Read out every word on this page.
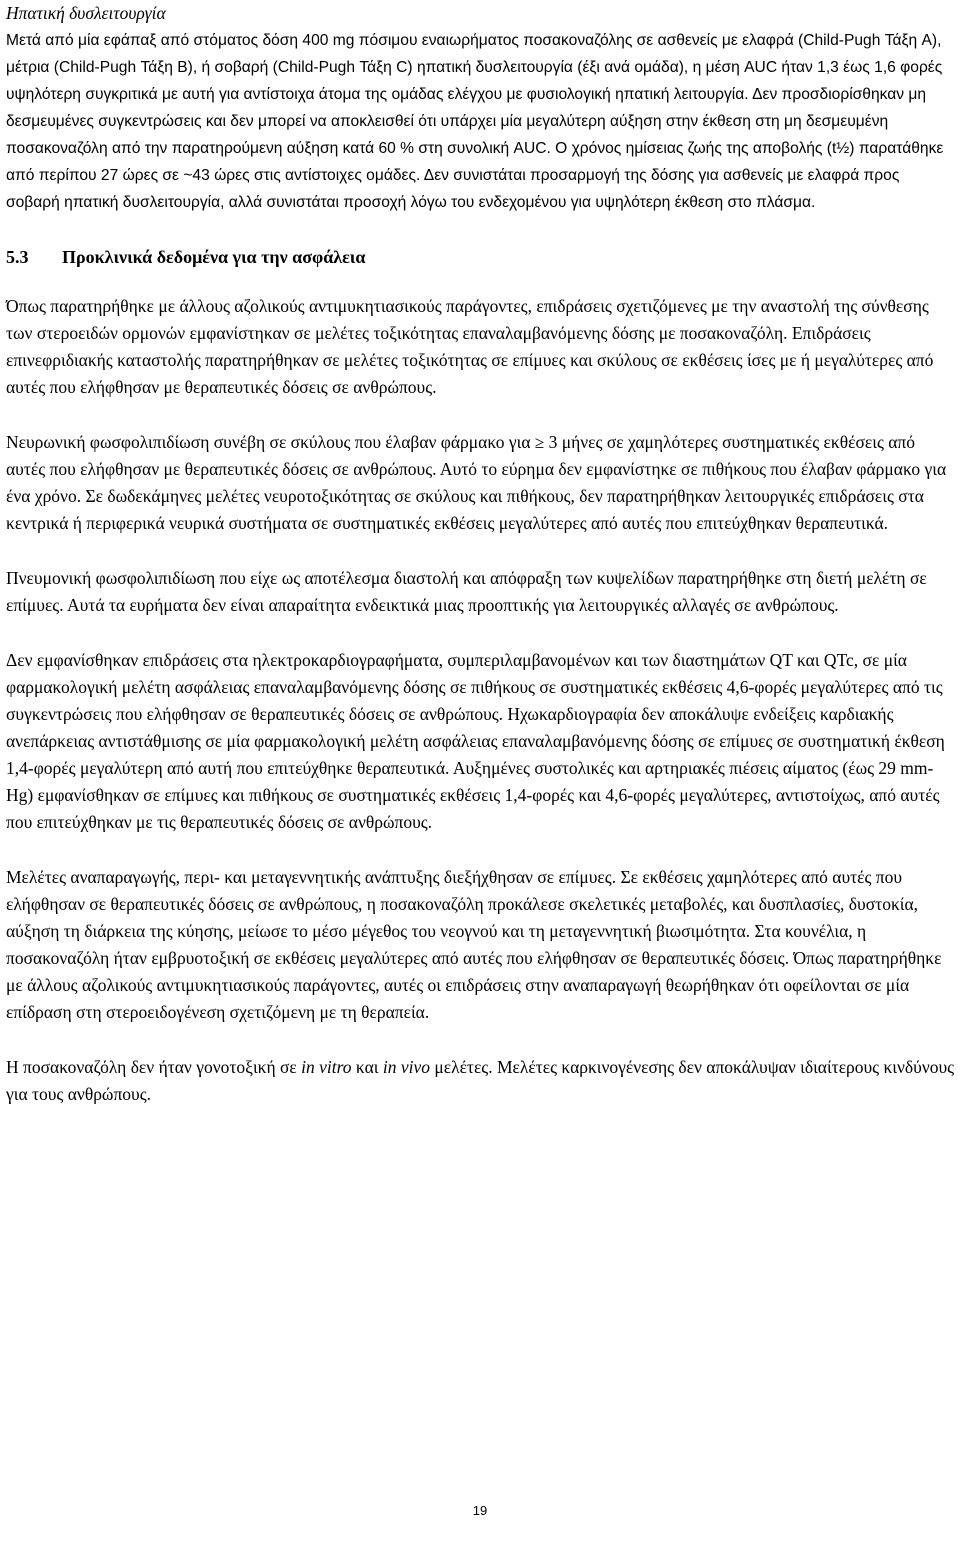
Ηπατική δυσλειτουργία

Μετά από μία εφάπαξ από στόματος δόση 400 mg πόσιμου εναιωρήματος ποσακοναζόλης σε ασθενείς με ελαφρά (Child-Pugh Τάξη A), μέτρια (Child-Pugh Τάξη B), ή σοβαρή (Child-Pugh Τάξη C) ηπατική δυσλειτουργία (έξι ανά ομάδα), η μέση AUC ήταν 1,3 έως 1,6 φορές υψηλότερη συγκριτικά με αυτή για αντίστοιχα άτομα της ομάδας ελέγχου με φυσιολογική ηπατική λειτουργία. Δεν προσδιορίσθηκαν μη δεσμευμένες συγκεντρώσεις και δεν μπορεί να αποκλεισθεί ότι υπάρχει μία μεγαλύτερη αύξηση στην έκθεση στη μη δεσμευμένη ποσακοναζόλη από την παρατηρούμενη αύξηση κατά 60 % στη συνολική AUC. Ο χρόνος ημίσειας ζωής της αποβολής (t½) παρατάθηκε από περίπου 27 ώρες σε ~43 ώρες στις αντίστοιχες ομάδες. Δεν συνιστάται προσαρμογή της δόσης για ασθενείς με ελαφρά προς σοβαρή ηπατική δυσλειτουργία, αλλά συνιστάται προσοχή λόγω του ενδεχομένου για υψηλότερη έκθεση στο πλάσμα.

5.3 Προκλινικά δεδομένα για την ασφάλεια

Όπως παρατηρήθηκε με άλλους αζολικούς αντιμυκητιασικούς παράγοντες, επιδράσεις σχετιζόμενες με την αναστολή της σύνθεσης των στεροειδών ορμονών εμφανίστηκαν σε μελέτες τοξικότητας επαναλαμβανόμενης δόσης με ποσακοναζόλη. Επιδράσεις επινεφριδιακής καταστολής παρατηρήθηκαν σε μελέτες τοξικότητας σε επίμυες και σκύλους σε εκθέσεις ίσες με ή μεγαλύτερες από αυτές που ελήφθησαν με θεραπευτικές δόσεις σε ανθρώπους.

Νευρωνική φωσφολιπιδίωση συνέβη σε σκύλους που έλαβαν φάρμακο για ≥ 3 μήνες σε χαμηλότερες συστηματικές εκθέσεις από αυτές που ελήφθησαν με θεραπευτικές δόσεις σε ανθρώπους. Αυτό το εύρημα δεν εμφανίστηκε σε πιθήκους που έλαβαν φάρμακο για ένα χρόνο. Σε δωδεκάμηνες μελέτες νευροτοξικότητας σε σκύλους και πιθήκους, δεν παρατηρήθηκαν λειτουργικές επιδράσεις στα κεντρικά ή περιφερικά νευρικά συστήματα σε συστηματικές εκθέσεις μεγαλύτερες από αυτές που επιτεύχθηκαν θεραπευτικά.

Πνευμονική φωσφολιπιδίωση που είχε ως αποτέλεσμα διαστολή και απόφραξη των κυψελίδων παρατηρήθηκε στη διετή μελέτη σε επίμυες. Αυτά τα ευρήματα δεν είναι απαραίτητα ενδεικτικά μιας προοπτικής για λειτουργικές αλλαγές σε ανθρώπους.

Δεν εμφανίσθηκαν επιδράσεις στα ηλεκτροκαρδιογραφήματα, συμπεριλαμβανομένων και των διαστημάτων QT και QTc, σε μία φαρμακολογική μελέτη ασφάλειας επαναλαμβανόμενης δόσης σε πιθήκους σε συστηματικές εκθέσεις 4,6-φορές μεγαλύτερες από τις συγκεντρώσεις που ελήφθησαν σε θεραπευτικές δόσεις σε ανθρώπους. Ηχωκαρδιογραφία δεν αποκάλυψε ενδείξεις καρδιακής ανεπάρκειας αντιστάθμισης σε μία φαρμακολογική μελέτη ασφάλειας επαναλαμβανόμενης δόσης σε επίμυες σε συστηματική έκθεση 1,4-φορές μεγαλύτερη από αυτή που επιτεύχθηκε θεραπευτικά. Αυξημένες συστολικές και αρτηριακές πιέσεις αίματος (έως 29 mm-Hg) εμφανίσθηκαν σε επίμυες και πιθήκους σε συστηματικές εκθέσεις 1,4-φορές και 4,6-φορές μεγαλύτερες, αντιστοίχως, από αυτές που επιτεύχθηκαν με τις θεραπευτικές δόσεις σε ανθρώπους.

Μελέτες αναπαραγωγής, περι- και μεταγεννητικής ανάπτυξης διεξήχθησαν σε επίμυες. Σε εκθέσεις χαμηλότερες από αυτές που ελήφθησαν σε θεραπευτικές δόσεις σε ανθρώπους, η ποσακοναζόλη προκάλεσε σκελετικές μεταβολές, και δυσπλασίες, δυστοκία, αύξηση τη διάρκεια της κύησης, μείωσε το μέσο μέγεθος του νεογνού και τη μεταγεννητική βιωσιμότητα. Στα κουνέλια, η ποσακοναζόλη ήταν εμβρυοτοξική σε εκθέσεις μεγαλύτερες από αυτές που ελήφθησαν σε θεραπευτικές δόσεις. Όπως παρατηρήθηκε με άλλους αζολικούς αντιμυκητιασικούς παράγοντες, αυτές οι επιδράσεις στην αναπαραγωγή θεωρήθηκαν ότι οφείλονται σε μία επίδραση στη στεροειδογένεση σχετιζόμενη με τη θεραπεία.

Η ποσακοναζόλη δεν ήταν γονοτοξική σε in vitro και in vivo μελέτες. Μελέτες καρκινογένεσης δεν αποκάλυψαν ιδιαίτερους κινδύνους για τους ανθρώπους.

19
